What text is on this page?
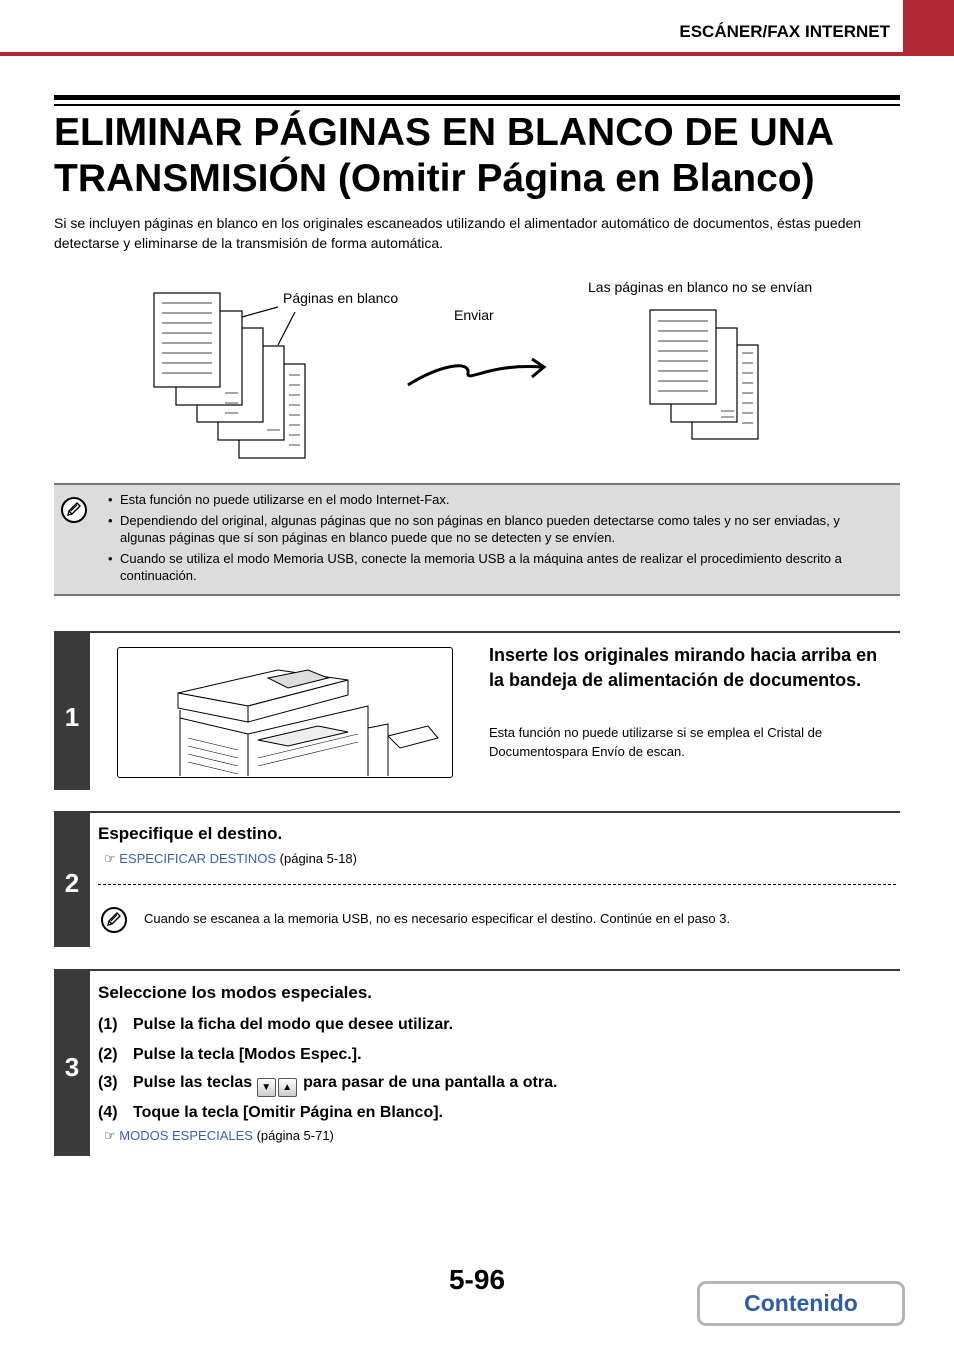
ESCÁNER/FAX INTERNET
ELIMINAR PÁGINAS EN BLANCO DE UNA TRANSMISIÓN (Omitir Página en Blanco)
Si se incluyen páginas en blanco en los originales escaneados utilizando el alimentador automático de documentos, éstas pueden detectarse y eliminarse de la transmisión de forma automática.
Páginas en blanco
Enviar
Las páginas en blanco no se envían
• Esta función no puede utilizarse en el modo Internet-Fax.
• Dependiendo del original, algunas páginas que no son páginas en blanco pueden detectarse como tales y no ser enviadas, y algunas páginas que sí son páginas en blanco puede que no se detecten y se envíen.
• Cuando se utiliza el modo Memoria USB, conecte la memoria USB a la máquina antes de realizar el procedimiento descrito a continuación.
1
Inserte los originales mirando hacia arriba en la bandeja de alimentación de documentos.
Esta función no puede utilizarse si se emplea el Cristal de Documentospara Envío de escan.
2
Especifique el destino.
☞ ESPECIFICAR DESTINOS (página 5-18)
Cuando se escanea a la memoria USB, no es necesario especificar el destino. Continúe en el paso 3.
3
Seleccione los modos especiales.
(1) Pulse la ficha del modo que desee utilizar.
(2) Pulse la tecla [Modos Espec.].
(3) Pulse las teclas ▼ ▲ para pasar de una pantalla a otra.
(4) Toque la tecla [Omitir Página en Blanco].
☞ MODOS ESPECIALES (página 5-71)
5-96
Contenido
